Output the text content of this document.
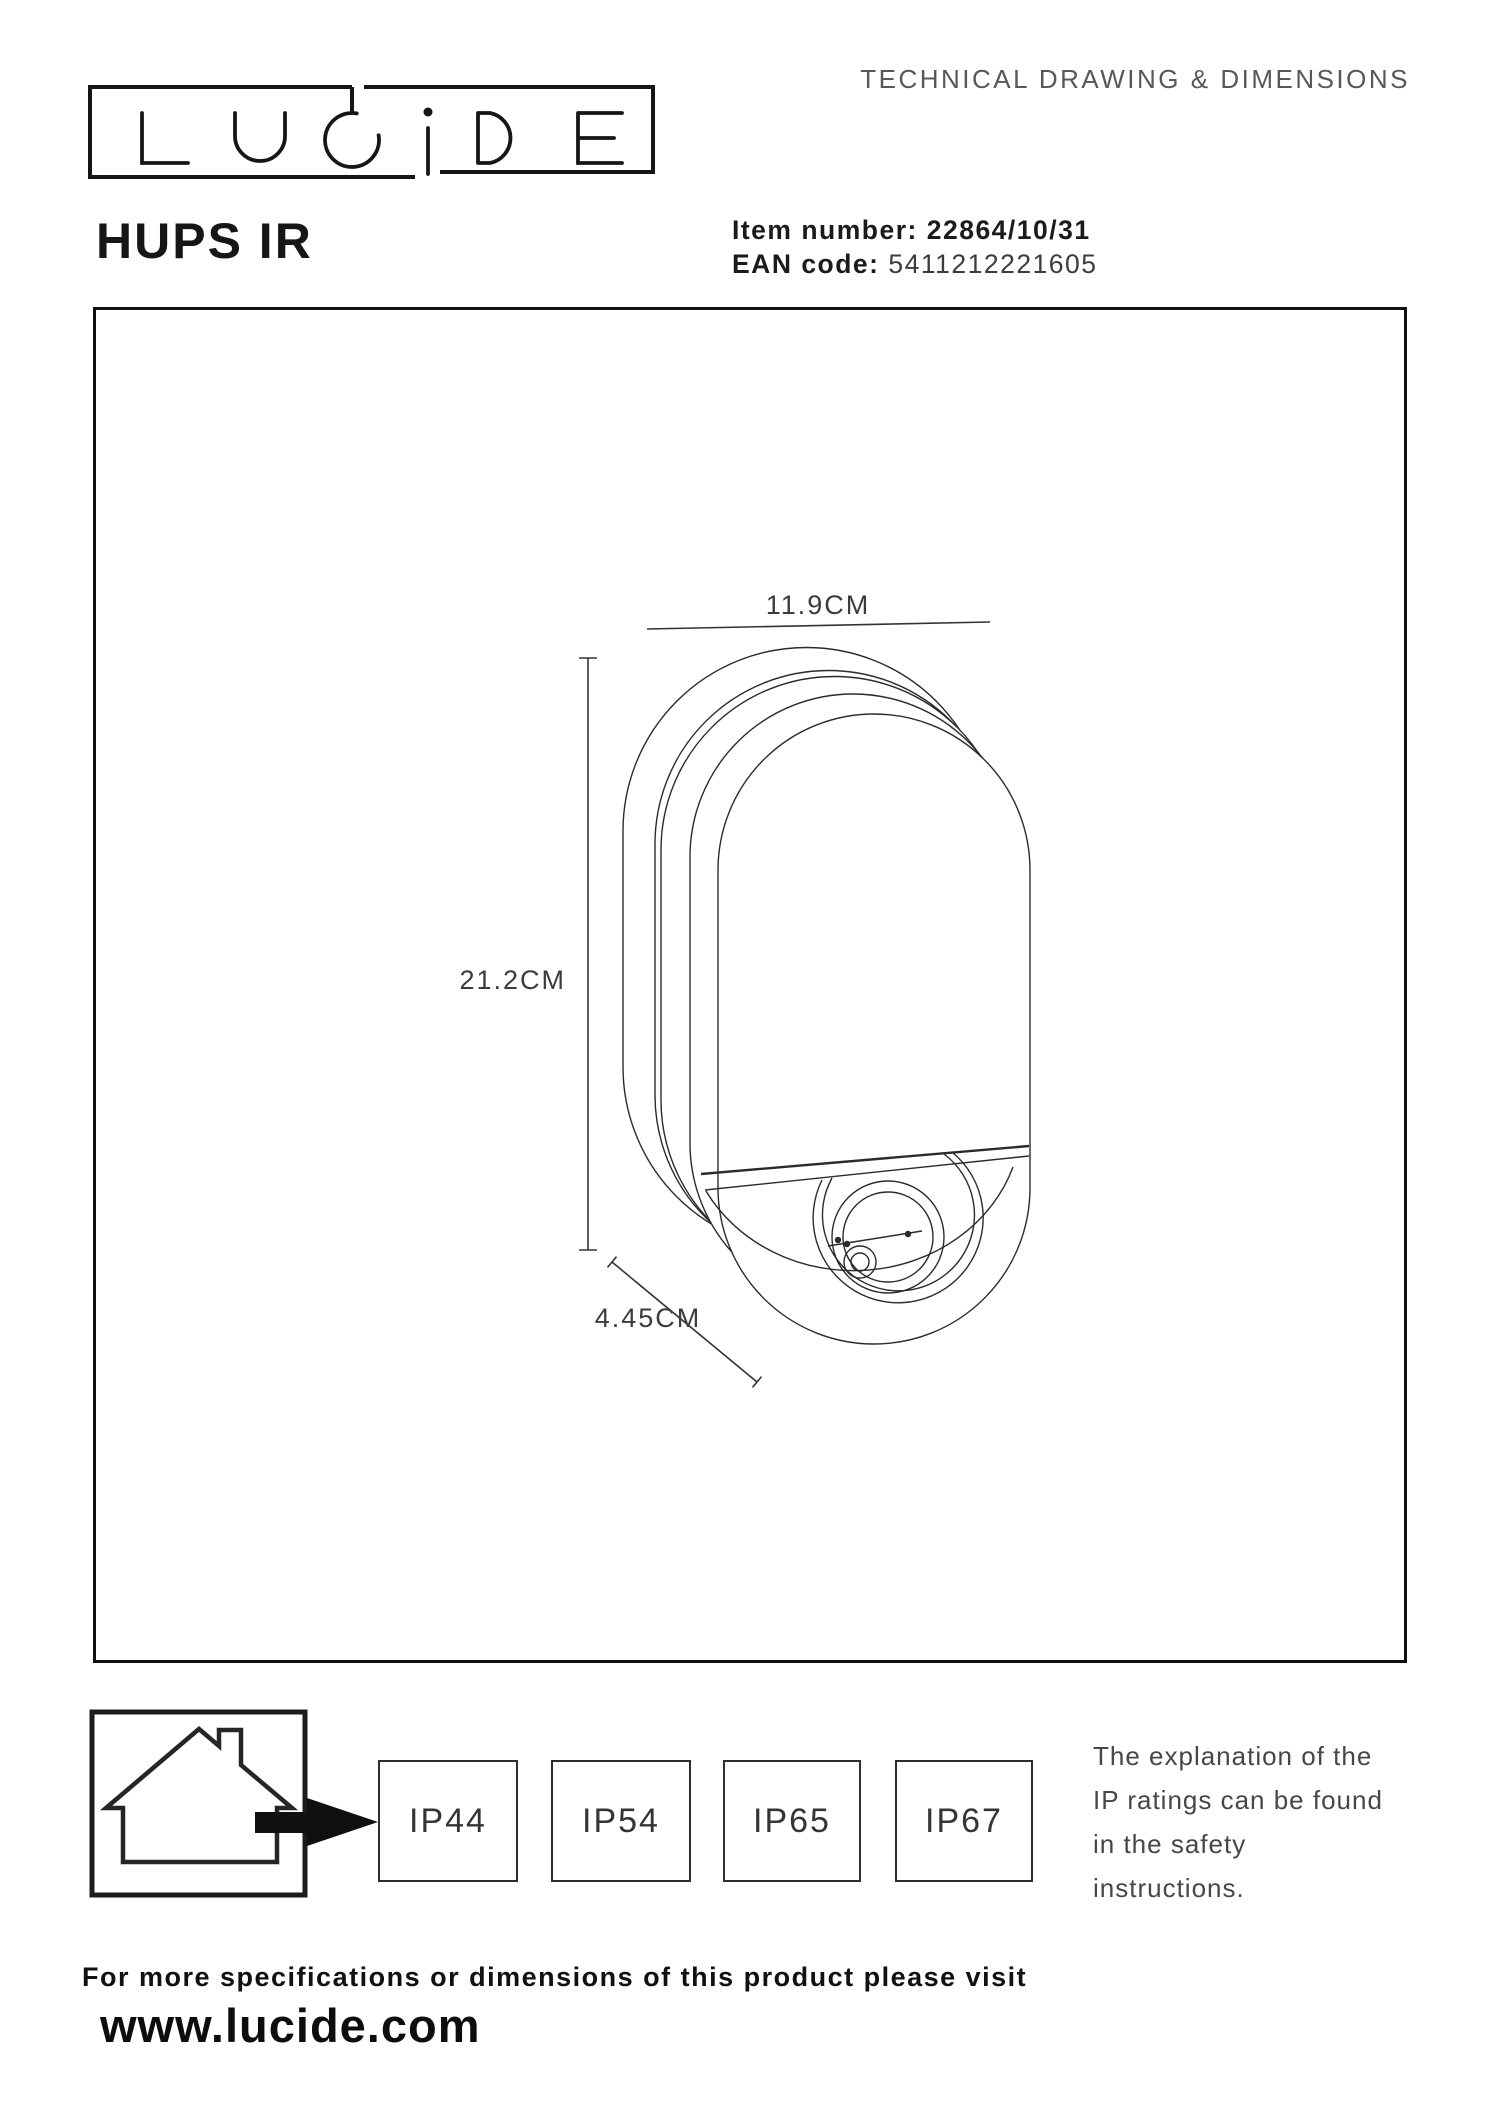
TECHNICAL DRAWING & DIMENSIONS
HUPS IR	Item number: 22864/10/31
EAN code: 5411212221605
11.9CM
21.2CM
4.45CM
IP44	IP54	IP65	IP67
The explanation of the
IP ratings can be found
in the safety
instructions.
For more specifications or dimensions of this product please visit
www.lucide.com
